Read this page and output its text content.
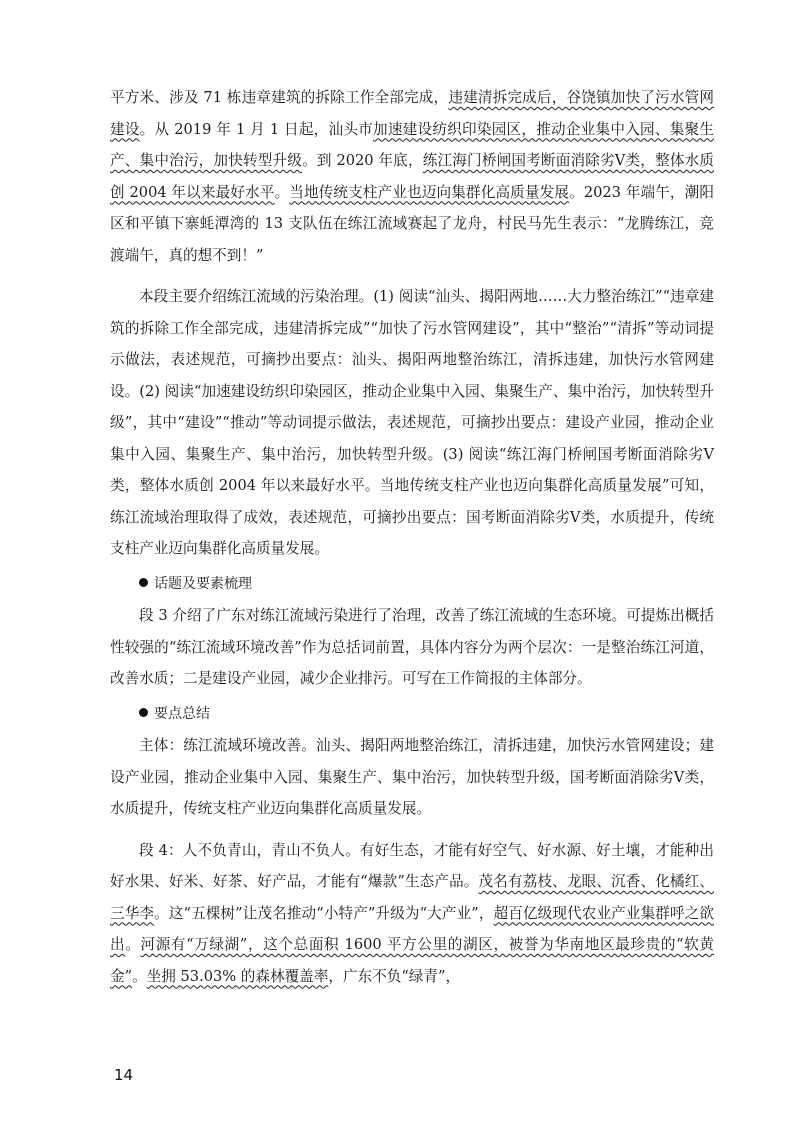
平方米、涉及 71 栋违章建筑的拆除工作全部完成，违建清拆完成后，谷饶镇加快了污水管网建设。从 2019 年 1 月 1 日起，汕头市加速建设纺织印染园区，推动企业集中入园、集聚生产、集中治污，加快转型升级。到 2020 年底，练江海门桥闸国考断面消除劣Ⅴ类，整体水质创 2004 年以来最好水平。当地传统支柱产业也迈向集群化高质量发展。2023 年端午，潮阳区和平镇下寨蚝潭湾的 13 支队伍在练江流域赛起了龙舟，村民马先生表示：“龙腾练江，竞渡端午，真的想不到！”

本段主要介绍练江流域的污染治理。(1) 阅读“汕头、揭阳两地……大力整治练江”“违章建筑的拆除工作全部完成，违建清拆完成”“加快了污水管网建设”，其中“整治”“清拆”等动词提示做法，表述规范，可摘抄出要点：汕头、揭阳两地整治练江，清拆违建，加快污水管网建设。(2) 阅读“加速建设纺织印染园区，推动企业集中入园、集聚生产、集中治污，加快转型升级”，其中“建设”“推动”等动词提示做法，表述规范，可摘抄出要点：建设产业园，推动企业集中入园、集聚生产、集中治污，加快转型升级。(3) 阅读“练江海门桥闸国考断面消除劣Ⅴ类，整体水质创 2004 年以来最好水平。当地传统支柱产业也迈向集群化高质量发展”可知，练江流域治理取得了成效，表述规范，可摘抄出要点：国考断面消除劣Ⅴ类，水质提升，传统支柱产业迈向集群化高质量发展。

话题及要素梳理

段 3 介绍了广东对练江流域污染进行了治理，改善了练江流域的生态环境。可提炼出概括性较强的“练江流域环境改善”作为总括词前置，具体内容分为两个层次：一是整治练江河道，改善水质；二是建设产业园，减少企业排污。可写在工作简报的主体部分。

要点总结

主体：练江流域环境改善。汕头、揭阳两地整治练江，清拆违建，加快污水管网建设；建设产业园，推动企业集中入园、集聚生产、集中治污，加快转型升级，国考断面消除劣Ⅴ类，水质提升，传统支柱产业迈向集群化高质量发展。

段 4：人不负青山，青山不负人。有好生态，才能有好空气、好水源、好土壤，才能种出好水果、好米、好茶、好产品，才能有“爆款”生态产品。茂名有荔枝、龙眼、沉香、化橘红、三华李。这“五棵树”让茂名推动“小特产”升级为“大产业”，超百亿级现代农业产业集群呼之欲出。河源有“万绿湖”，这个总面积 1600 平方公里的湖区，被誉为华南地区最珍贵的“软黄金”。坐拥 53.03% 的森林覆盖率，广东不负“绿青”，

14
